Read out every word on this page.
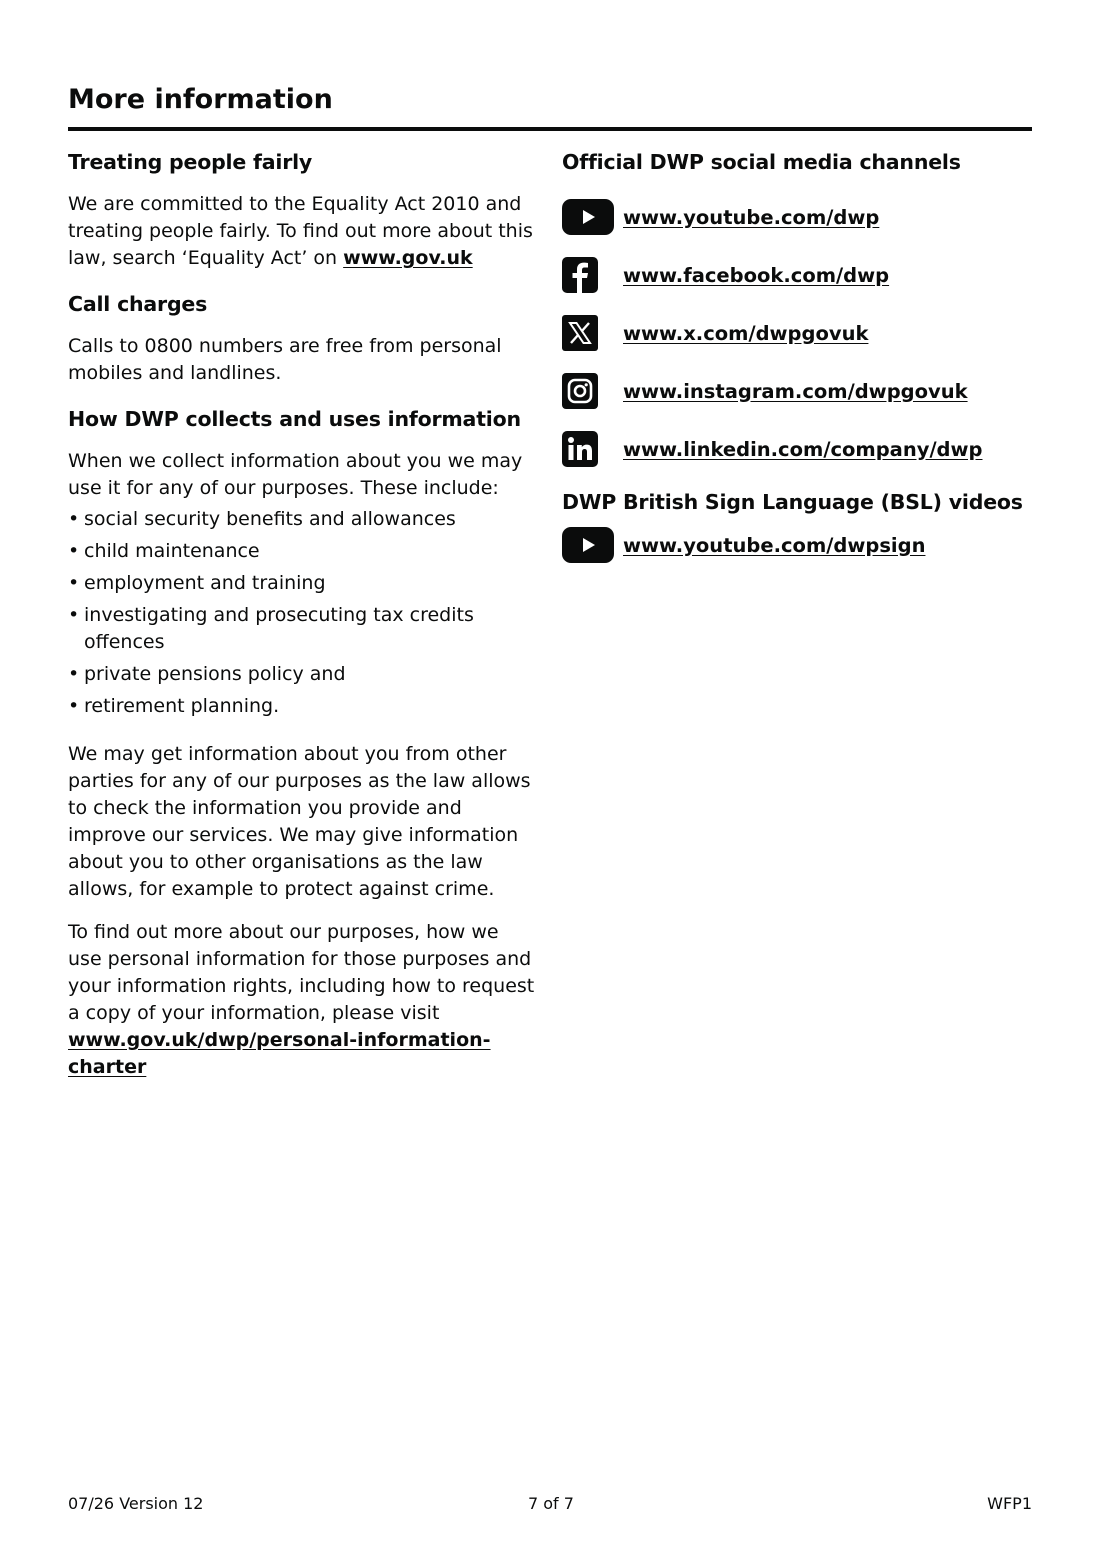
More information
Treating people fairly

We are committed to the Equality Act 2010 and treating people fairly. To find out more about this law, search ‘Equality Act’ on www.gov.uk

Call charges

Calls to 0800 numbers are free from personal mobiles and landlines.

How DWP collects and uses information

When we collect information about you we may use it for any of our purposes. These include:

• social security benefits and allowances
• child maintenance
• employment and training
• investigating and prosecuting tax credits offences
• private pensions policy and
• retirement planning.

We may get information about you from other parties for any of our purposes as the law allows to check the information you provide and improve our services. We may give information about you to other organisations as the law allows, for example to protect against crime.

To find out more about our purposes, how we use personal information for those purposes and your information rights, including how to request a copy of your information, please visit www.gov.uk/dwp/personal-information-charter

Official DWP social media channels
www.youtube.com/dwp
www.facebook.com/dwp
www.x.com/dwpgovuk
www.instagram.com/dwpgovuk
www.linkedin.com/company/dwp
DWP British Sign Language (BSL) videos
www.youtube.com/dwpsign
07/26 Version 12	7 of 7	WFP1
